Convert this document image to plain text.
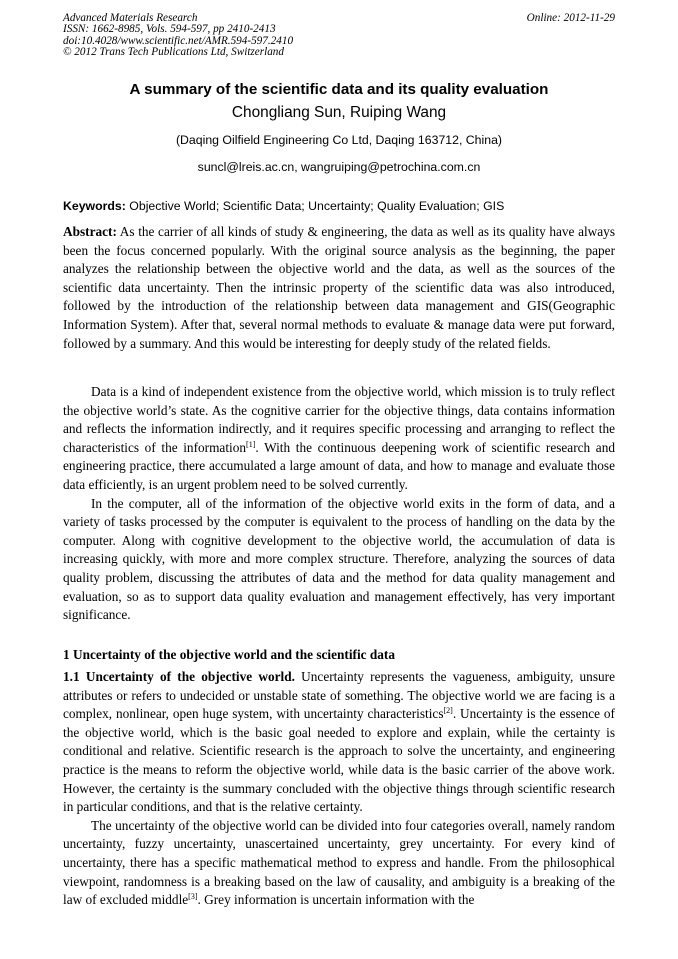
Advanced Materials Research
ISSN: 1662-8985, Vols. 594-597, pp 2410-2413
doi:10.4028/www.scientific.net/AMR.594-597.2410
© 2012 Trans Tech Publications Ltd, Switzerland
Online: 2012-11-29
A summary of the scientific data and its quality evaluation
Chongliang Sun, Ruiping Wang
(Daqing Oilfield Engineering Co Ltd, Daqing 163712, China)
suncl@lreis.ac.cn, wangruiping@petrochina.com.cn
Keywords: Objective World; Scientific Data; Uncertainty; Quality Evaluation; GIS

Abstract: As the carrier of all kinds of study & engineering, the data as well as its quality have always been the focus concerned popularly. With the original source analysis as the beginning, the paper analyzes the relationship between the objective world and the data, as well as the sources of the scientific data uncertainty. Then the intrinsic property of the scientific data was also introduced, followed by the introduction of the relationship between data management and GIS(Geographic Information System). After that, several normal methods to evaluate & manage data were put forward, followed by a summary. And this would be interesting for deeply study of the related fields.

Data is a kind of independent existence from the objective world, which mission is to truly reflect the objective world’s state. As the cognitive carrier for the objective things, data contains information and reflects the information indirectly, and it requires specific processing and arranging to reflect the characteristics of the information[1]. With the continuous deepening work of scientific research and engineering practice, there accumulated a large amount of data, and how to manage and evaluate those data efficiently, is an urgent problem need to be solved currently.

In the computer, all of the information of the objective world exits in the form of data, and a variety of tasks processed by the computer is equivalent to the process of handling on the data by the computer. Along with cognitive development to the objective world, the accumulation of data is increasing quickly, with more and more complex structure. Therefore, analyzing the sources of data quality problem, discussing the attributes of data and the method for data quality management and evaluation, so as to support data quality evaluation and management effectively, has very important significance.

1 Uncertainty of the objective world and the scientific data

1.1 Uncertainty of the objective world. Uncertainty represents the vagueness, ambiguity, unsure attributes or refers to undecided or unstable state of something. The objective world we are facing is a complex, nonlinear, open huge system, with uncertainty characteristics[2]. Uncertainty is the essence of the objective world, which is the basic goal needed to explore and explain, while the certainty is conditional and relative. Scientific research is the approach to solve the uncertainty, and engineering practice is the means to reform the objective world, while data is the basic carrier of the above work. However, the certainty is the summary concluded with the objective things through scientific research in particular conditions, and that is the relative certainty.

The uncertainty of the objective world can be divided into four categories overall, namely random uncertainty, fuzzy uncertainty, unascertained uncertainty, grey uncertainty. For every kind of uncertainty, there has a specific mathematical method to express and handle. From the philosophical viewpoint, randomness is a breaking based on the law of causality, and ambiguity is a breaking of the law of excluded middle[3]. Grey information is uncertain information with the
